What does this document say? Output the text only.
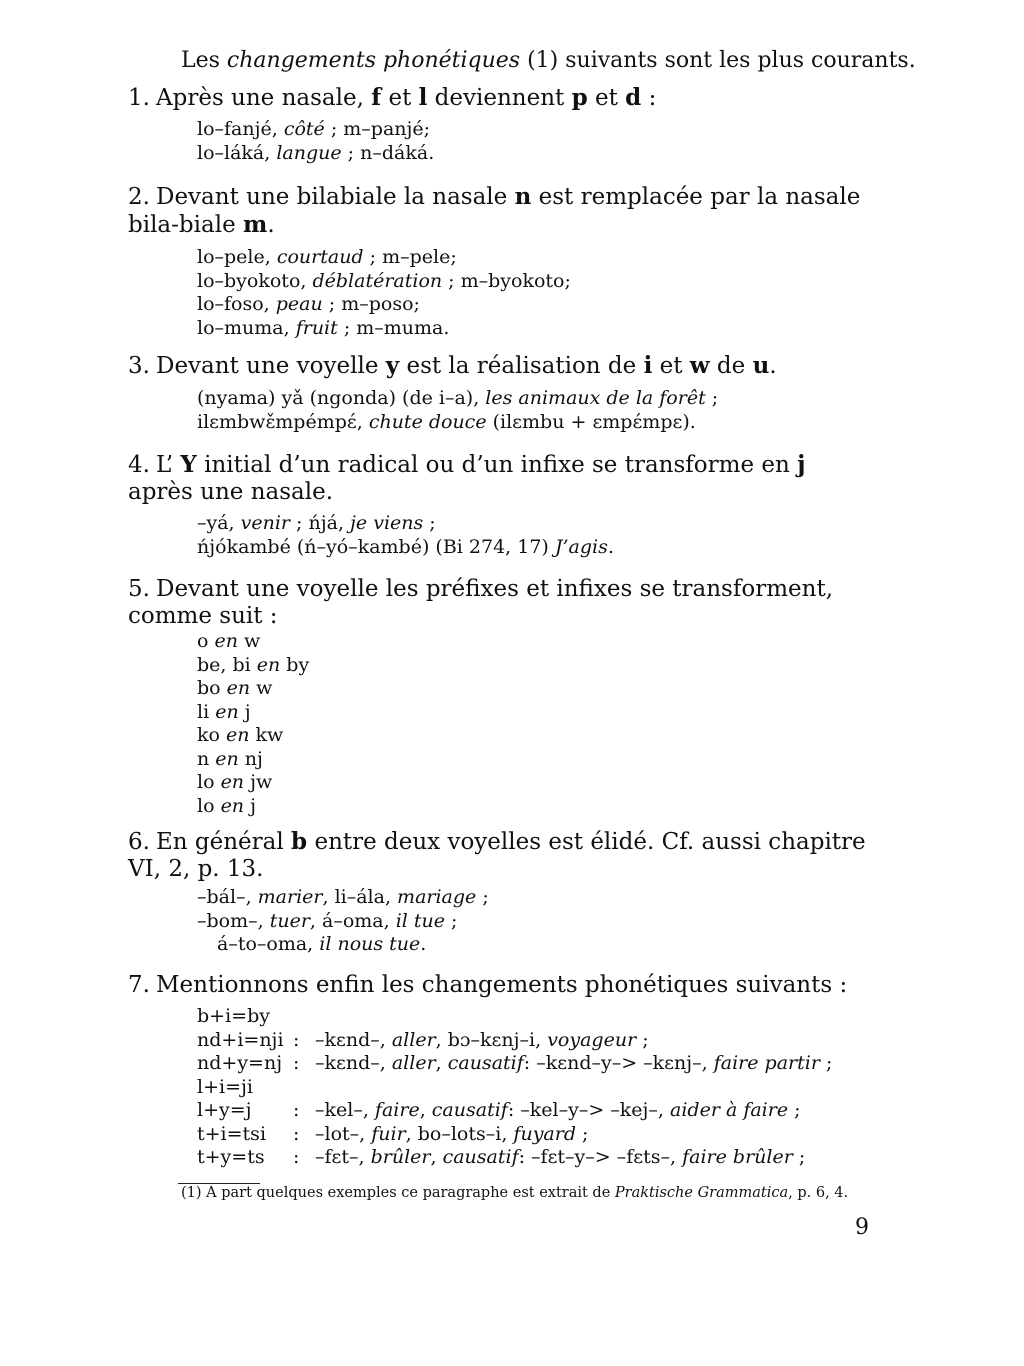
Les changements phonétiques (1) suivants sont les plus courants.
1. Après une nasale, f et l deviennent p et d :
lo–fanjé, côté ; m–panjé;
lo–láká, langue ; n–dáká.
2. Devant une bilabiale la nasale n est remplacée par la nasale bila-biale m.
lo–pele, courtaud ; m–pele;
lo–byokoto, déblatération ; m–byokoto;
lo–foso, peau ; m–poso;
lo–muma, fruit ; m–muma.
3. Devant une voyelle y est la réalisation de i et w de u.
(nyama) yǎ (ngonda) (de i–a), les animaux de la forêt ;
ilɛmbwɛ̌mpémpɛ́, chute douce (ilɛmbu + ɛmpɛ́mpɛ).
4. L’ Y initial d’un radical ou d’un infixe se transforme en j après une nasale.
–yá, venir ; ńjá, je viens ;
ńjókambé (ń–yó–kambé) (Bi 274, 17) J’agis.
5. Devant une voyelle les préfixes et infixes se transforment, comme suit :
o en w
be, bi en by
bo en w
li en j
ko en kw
n en nj
lo en jw
lo en j
6. En général b entre deux voyelles est élidé. Cf. aussi chapitre VI, 2, p. 13.
–bál–, marier, li–ála, mariage ;
–bom–, tuer, á–oma, il tue ;
á–to–oma, il nous tue.
7. Mentionnons enfin les changements phonétiques suivants :
b+i=by
nd+i=nji : –kɛnd–, aller, bɔ–kɛnj–i, voyageur ;
nd+y=nj : –kɛnd–, aller, causatif: –kɛnd–y–> –kɛnj–, faire partir ;
l+i=ji
l+y=j	: –kel–, faire, causatif: –kel–y–> –kej–, aider à faire ;
t+i=tsi	: –lot–, fuir, bo–lots–i, fuyard ;
t+y=ts	: –fɛt–, brûler, causatif: –fɛt–y–> –fɛts–, faire brûler ;
(1) A part quelques exemples ce paragraphe est extrait de Praktische Grammatica, p. 6, 4.
9
